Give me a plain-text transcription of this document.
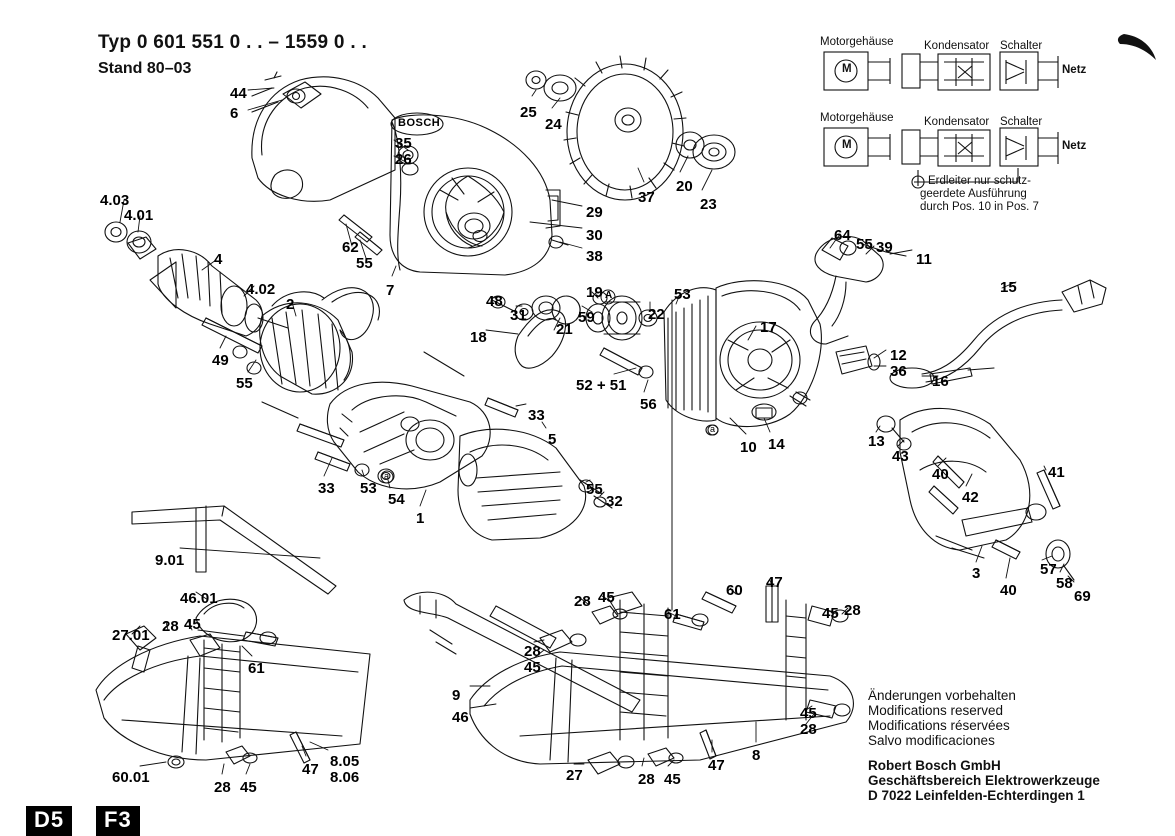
Typ 0 601 551 0 . . – 1559 0 . .
Stand 80–03
BOSCH
A
a
a
Motorgehäuse	Kondensator Schalter
Netz
M
Motorgehäuse	Kondensator Schalter
Netz
M
Erdleiter nur schutz-
geerdete Ausführung
durch Pos. 10 in Pos. 7
Änderungen vorbehalten
Modifications reserved
Modifications réservées
Salvo modificaciones
Robert Bosch GmbH
Geschäftsbereich Elektrowerkzeuge
D 7022 Leinfelden-Echterdingen 1
D5	F3
44
6
35
26
25
24
37
20
23
29
30
38
62
55
7
4.03
4.01
4
4.02
2
49
55
48
31
18	21
59
19
22
53
17
52 + 51
56
10 14
64
55 39
11
12
36
16
15
13
43
40
42
41
3
40
57
58
69
33
5
33 53
54
1
55
32
9.01
46.01
27.01
28 45
61
47 8.05
8.06
60.01
28 45
9
46
28
45
28 45
61
60 47
45 28
45
28
8
27	28 45
47
